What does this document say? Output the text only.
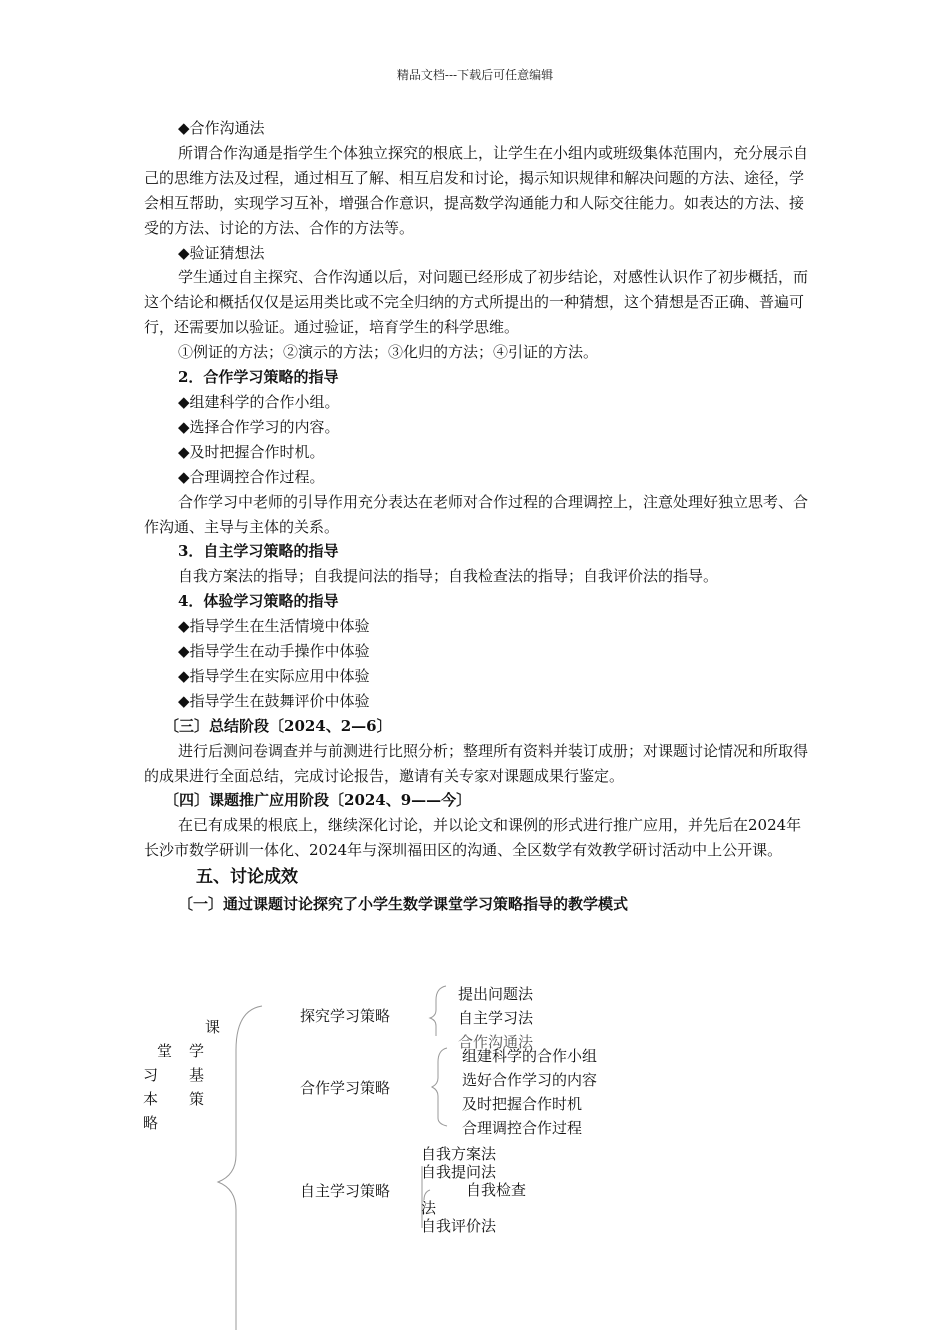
精品文档---下载后可任意编辑

◆合作沟通法

所谓合作沟通是指学生个体独立探究的根底上，让学生在小组内或班级集体范围内，充分展示自己的思维方法及过程，通过相互了解、相互启发和讨论，揭示知识规律和解决问题的方法、途径，学会相互帮助，实现学习互补，增强合作意识，提高数学沟通能力和人际交往能力。如表达的方法、接受的方法、讨论的方法、合作的方法等。

◆验证猜想法

学生通过自主探究、合作沟通以后，对问题已经形成了初步结论，对感性认识作了初步概括，而这个结论和概括仅仅是运用类比或不完全归纳的方式所提出的一种猜想，这个猜想是否正确、普遍可行，还需要加以验证。通过验证，培育学生的科学思维。

①例证的方法；②演示的方法；③化归的方法；④引证的方法。

2．合作学习策略的指导

◆组建科学的合作小组。

◆选择合作学习的内容。

◆及时把握合作时机。

◆合理调控合作过程。

合作学习中老师的引导作用充分表达在老师对合作过程的合理调控上，注意处理好独立思考、合作沟通、主导与主体的关系。

3．自主学习策略的指导

自我方案法的指导；自我提问法的指导；自我检查法的指导；自我评价法的指导。

4．体验学习策略的指导

◆指导学生在生活情境中体验

◆指导学生在动手操作中体验

◆指导学生在实际应用中体验

◆指导学生在鼓舞评价中体验

〔三〕总结阶段〔2024、2—6〕

进行后测问卷调查并与前测进行比照分析；整理所有资料并装订成册；对课题讨论情况和所取得的成果进行全面总结，完成讨论报告，邀请有关专家对课题成果行鉴定。

〔四〕课题推广应用阶段〔2024、9——今〕

在已有成果的根底上，继续深化讨论，并以论文和课例的形式进行推广应用，并先后在2024年长沙市数学研训一体化、2024年与深圳福田区的沟通、全区数学有效教学研讨活动中上公开课。

五、讨论成效

〔一〕通过课题讨论探究了小学生数学课堂学习策略指导的教学模式

课
堂 学
习 基
本 策
略
探究学习策略
提出问题法
自主学习法
合作沟通法
合作学习策略
组建科学的合作小组
选好合作学习的内容
及时把握合作时机
合理调控合作过程
自主学习策略
自我方案法
自我提问法
自我检查
法
自我评价法
